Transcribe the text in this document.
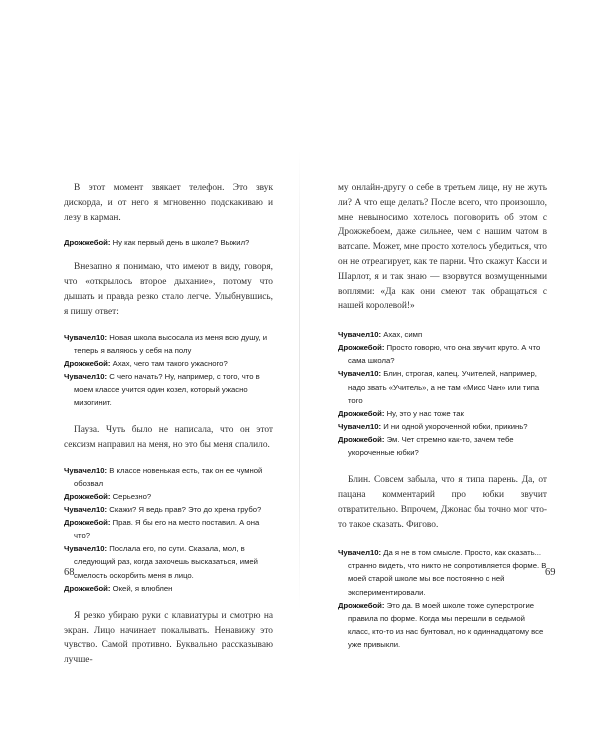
В этот момент звякает телефон. Это звук дискорда, и от него я мгновенно подскакиваю и лезу в карман.

Дрожжебой: Ну как первый день в школе? Выжил?

Внезапно я понимаю, что имеют в виду, говоря, что «открылось второе дыхание», потому что дышать и правда резко стало легче. Улыбнувшись, я пишу ответ:

Чувачел10: Новая школа высосала из меня всю душу, и теперь я валяюсь у себя на полу
Дрожжебой: Ахах, чего там такого ужасного?
Чувачел10: С чего начать? Ну, например, с того, что в моем классе учится один козел, который ужасно мизогинит.

Пауза. Чуть было не написала, что он этот сексизм направил на меня, но это бы меня спалило.

Чувачел10: В классе новенькая есть, так он ее чумной обозвал
Дрожжебой: Серьезно?
Чувачел10: Скажи? Я ведь прав? Это до хрена грубо?
Дрожжебой: Прав. Я бы его на место поставил. А она что?
Чувачел10: Послала его, по сути. Сказала, мол, в следующий раз, когда захочешь высказаться, имей смелость оскорбить меня в лицо.
Дрожжебой: Окей, я влюблен

Я резко убираю руки с клавиатуры и смотрю на экран. Лицо начинает покалывать. Ненавижу это чувство. Самой противно. Буквально рассказываю лучше-

68

му онлайн-другу о себе в третьем лице, ну не жуть ли? А что еще делать? После всего, что произошло, мне невыносимо хотелось поговорить об этом с Дрожжебоем, даже сильнее, чем с нашим чатом в ватсапе. Может, мне просто хотелось убедиться, что он не отреагирует, как те парни. Что скажут Касси и Шарлот, я и так знаю — взорвутся возмущенными воплями: «Да как они смеют так обращаться с нашей королевой!»

Чувачел10: Ахах, симп
Дрожжебой: Просто говорю, что она звучит круто. А что сама школа?
Чувачел10: Блин, строгая, капец. Учителей, например, надо звать «Учитель», а не там «Мисс Чан» или типа того
Дрожжебой: Ну, это у нас тоже так
Чувачел10: И ни одной укороченной юбки, прикинь?
Дрожжебой: Эм. Чет стремно как-то, зачем тебе укороченные юбки?

Блин. Совсем забыла, что я типа парень. Да, от пацана комментарий про юбки звучит отвратительно. Впрочем, Джонас бы точно мог что-то такое сказать. Фигово.

Чувачел10: Да я не в том смысле. Просто, как сказать... странно видеть, что никто не сопротивляется форме. В моей старой школе мы все постоянно с ней экспериментировали.
Дрожжебой: Это да. В моей школе тоже суперстрогие правила по форме. Когда мы перешли в седьмой класс, кто-то из нас бунтовал, но к одиннадцатому все уже привыкли.
69
